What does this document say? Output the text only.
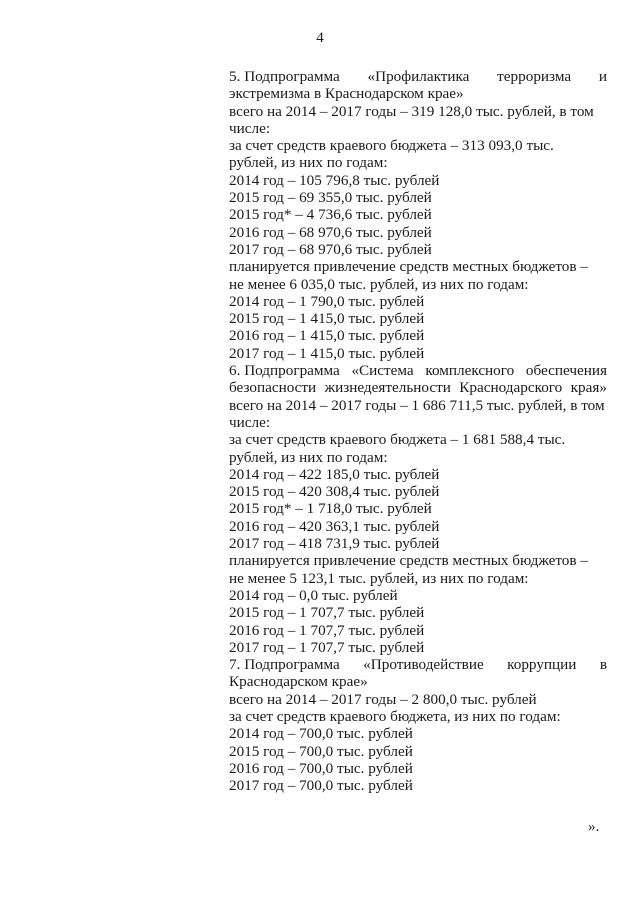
4
5. Подпрограмма «Профилактика терроризма и
экстремизма в Краснодарском крае»
всего на 2014 – 2017 годы – 319 128,0 тыс. рублей, в том
числе:
за счет средств краевого бюджета – 313 093,0 тыс.
рублей, из них по годам:
2014 год – 105 796,8 тыс. рублей
2015 год – 69 355,0 тыс. рублей
2015 год* – 4 736,6 тыс. рублей
2016 год – 68 970,6 тыс. рублей
2017 год – 68 970,6 тыс. рублей
планируется привлечение средств местных бюджетов –
не менее 6 035,0 тыс. рублей, из них по годам:
2014 год – 1 790,0 тыс. рублей
2015 год – 1 415,0 тыс. рублей
2016 год – 1 415,0 тыс. рублей
2017 год – 1 415,0 тыс. рублей
6. Подпрограмма «Система комплексного обеспечения
безопасности жизнедеятельности Краснодарского края»
всего на 2014 – 2017 годы – 1 686 711,5 тыс. рублей, в том
числе:
за счет средств краевого бюджета – 1 681 588,4 тыс.
рублей, из них по годам:
2014 год – 422 185,0 тыс. рублей
2015 год – 420 308,4 тыс. рублей
2015 год* – 1 718,0 тыс. рублей
2016 год – 420 363,1 тыс. рублей
2017 год – 418 731,9 тыс. рублей
планируется привлечение средств местных бюджетов –
не менее 5 123,1 тыс. рублей, из них по годам:
2014 год – 0,0 тыс. рублей
2015 год – 1 707,7 тыс. рублей
2016 год – 1 707,7 тыс. рублей
2017 год – 1 707,7 тыс. рублей
7. Подпрограмма «Противодействие коррупции в
Краснодарском крае»
всего на 2014 – 2017 годы – 2 800,0 тыс. рублей
за счет средств краевого бюджета, из них по годам:
2014 год – 700,0 тыс. рублей
2015 год – 700,0 тыс. рублей
2016 год – 700,0 тыс. рублей
2017 год – 700,0 тыс. рублей
».
